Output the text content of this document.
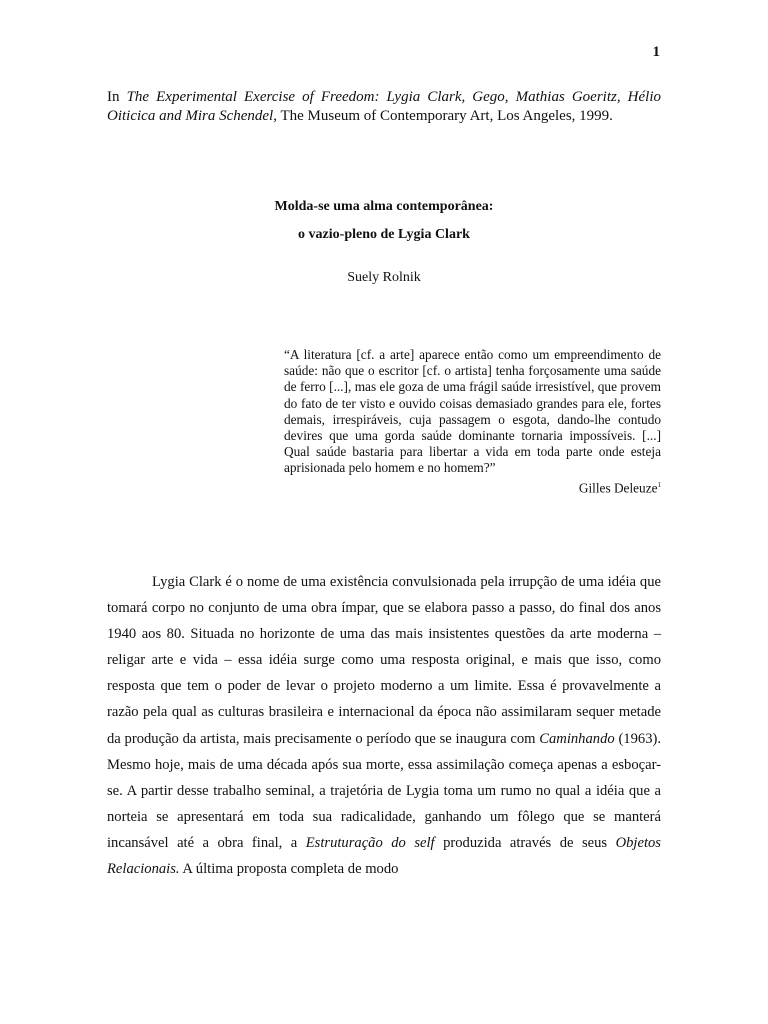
1
In The Experimental Exercise of Freedom: Lygia Clark, Gego, Mathias Goeritz, Hélio Oiticica and Mira Schendel, The Museum of Contemporary Art, Los Angeles, 1999.
Molda-se uma alma contemporânea:
o vazio-pleno de Lygia Clark
Suely Rolnik
“A literatura [cf. a arte] aparece então como um empreendimento de saúde: não que o escritor [cf. o artista] tenha forçosamente uma saúde de ferro [...], mas ele goza de uma frágil saúde irresistível, que provem do fato de ter visto e ouvido coisas demasiado grandes para ele, fortes demais, irrespiráveis, cuja passagem o esgota, dando-lhe contudo devires que uma gorda saúde dominante tornaria impossíveis. [...] Qual saúde bastaria para libertar a vida em toda parte onde esteja aprisionada pelo homem e no homem?”
Gilles Deleuze$^1$
Lygia Clark é o nome de uma existência convulsionada pela irrupção de uma idéia que tomará corpo no conjunto de uma obra ímpar, que se elabora passo a passo, do final dos anos 1940 aos 80. Situada no horizonte de uma das mais insistentes questões da arte moderna – religar arte e vida – essa idéia surge como uma resposta original, e mais que isso, como resposta que tem o poder de levar o projeto moderno a um limite. Essa é provavelmente a razão pela qual as culturas brasileira e internacional da época não assimilaram sequer metade da produção da artista, mais precisamente o período que se inaugura com Caminhando (1963). Mesmo hoje, mais de uma década após sua morte, essa assimilação começa apenas a esboçar-se. A partir desse trabalho seminal, a trajetória de Lygia toma um rumo no qual a idéia que a norteia se apresentará em toda sua radicalidade, ganhando um fôlego que se manterá incansável até a obra final, a Estruturação do self produzida através de seus Objetos Relacionais. A última proposta completa de modo
